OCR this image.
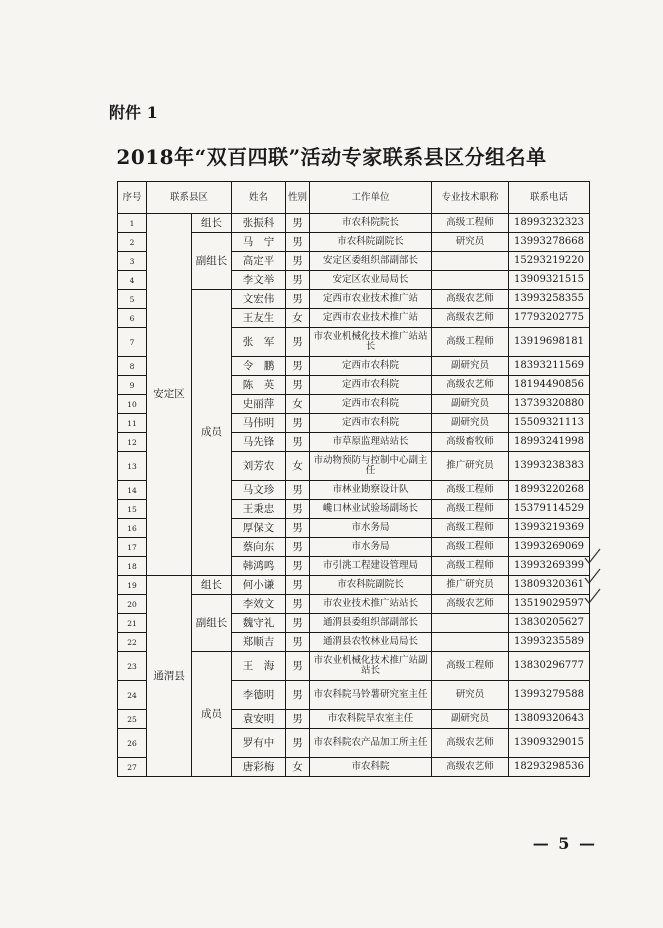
附件 1
2018年“双百四联”活动专家联系县区分组名单
序号	联系县区		姓名	性别	工作单位	专业技术职称	联系电话
1	安定区	组长	张振科	男	市农科院院长	高级工程师	18993232323
2		副组长	马　宁	男	市农科院副院长	研究员	13993278668
3			高定平	男	安定区委组织部副部长		15293219220
4			李文举	男	安定区农业局局长		13909321515
5		成员	文宏伟	男	定西市农业技术推广站	高级农艺师	13993258355
6			王友生	女	定西市农业技术推广站	高级农艺师	17793202775
7			张　军	男	市农业机械化技术推广站站长	高级工程师	13919698181
8			令　鹏	男	定西市农科院	副研究员	18393211569
9			陈　英	男	定西市农科院	高级农艺师	18194490856
10			史丽萍	女	定西市农科院	副研究员	13739320880
11			马伟明	男	定西市农科院	副研究员	15509321113
12			马先锋	男	市草原监理站站长	高级畜牧师	18993241998
13			刘芳农	女	市动物预防与控制中心副主任	推广研究员	13993238383
14			马文珍	男	市林业勘察设计队	高级工程师	18993220268
15			王秉忠	男	巉口林业试验场副场长	高级工程师	15379114529
16			厚保文	男	市水务局	高级工程师	13993219369
17			蔡向东	男	市水务局	高级工程师	13993269069
18			韩鸿鸣	男	市引洮工程建设管理局	高级工程师	13993269399
19	通渭县	组长	何小谦	男	市农科院副院长	推广研究员	13809320361
20		副组长	李效文	男	市农业技术推广站站长	高级农艺师	13519029597
21			魏守礼	男	通渭县委组织部副部长		13830205627
22			郑顺吉	男	通渭县农牧林业局局长		13993235589
23		成员	王　海	男	市农业机械化技术推广站副站长	高级工程师	13830296777
24			李德明	男	市农科院马铃薯研究室主任	研究员	13993279588
25			袁安明	男	市农科院旱农室主任	副研究员	13809320643
26			罗有中	男	市农科院农产品加工所主任	高级农艺师	13909329015
27			唐彩梅	女	市农科院	高级农艺师	18293298536
— 5 —
